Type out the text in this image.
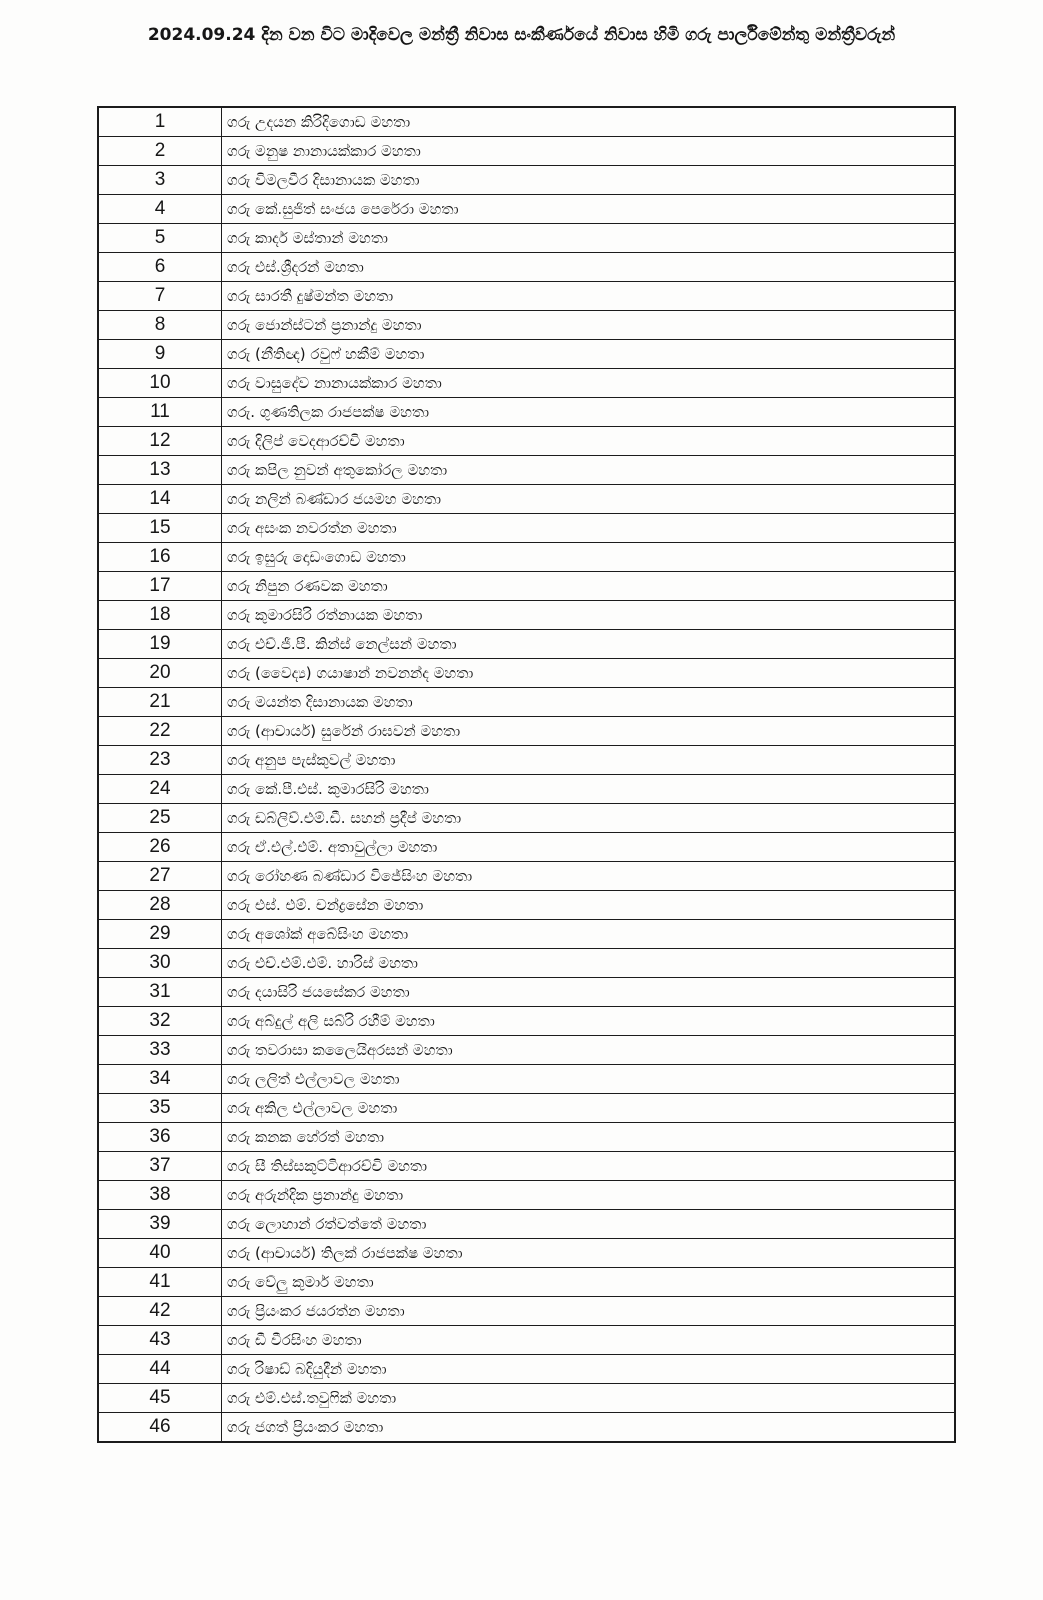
2024.09.24 දින වන විට මාදිවෙල මන්ත්‍රී නිවාස සංකීර්ණයේ නිවාස හිමි ගරු පාර්ලිමේන්තු මන්ත්‍රීවරුන්
1	ගරු උදයන කිරිදිගොඩ මහතා
2	ගරු මනුෂ නානායක්කාර මහතා
3	ගරු විමලවීර දිසානායක මහතා
4	ගරු කේ.සුජිත් සංජය පෙරේරා මහතා
5	ගරු කාදර් මස්තාන් මහතා
6	ගරු එස්.ශ්‍රීදරන් මහතා
7	ගරු සාරතී දුෂ්මන්ත මහතා
8	ගරු ජොන්ස්ටන් ප්‍රනාන්දු මහතා
9	ගරු (නීතිඥ) රවුෆ් හකීම් මහතා
10	ගරු වාසුදේව නානායක්කාර මහතා
11	ගරු. ගුණතිලක රාජපක්ෂ මහතා
12	ගරු දිලිප් වෙදආරච්චි මහතා
13	ගරු කපිල නුවන් අතුකෝරල මහතා
14	ගරු නලින් බණ්ඩාර ජයමහ මහතා
15	ගරු අසංක නවරත්න මහතා
16	ගරු ඉසුරු දොඩංගොඩ මහතා
17	ගරු නිපුන රණවක මහතා
18	ගරු කුමාරසිරි රත්නායක මහතා
19	ගරු එච්.ජී.පී. කින්ස් නෙල්සන් මහතා
20	ගරු (වෛද්‍ය) ගයාෂාන් නවනන්ද මහතා
21	ගරු මයන්ත දිසානායක මහතා
22	ගරු (ආචාර්ය) සුරේන් රාඝවන් මහතා
23	ගරු අනුප පැස්කුවල් මහතා
24	ගරු කේ.පී.එස්. කුමාරසිරි මහතා
25	ගරු ඩබ්ලිව්.එම්.ඩී. සහන් ප්‍රදීප් මහතා
26	ගරු ඒ.එල්.එම්. අතාවුල්ලා මහතා
27	ගරු රෝහණ බණ්ඩාර විජේසිංහ මහතා
28	ගරු එස්. එම්. චන්ද්‍රසේන මහතා
29	ගරු අශෝක් අබේසිංහ මහතා
30	ගරු එච්.එම්.එම්. හාරිස් මහතා
31	ගරු දයාසිරි ජයසේකර මහතා
32	ගරු අබ්දුල් අලි සබ්රි රහීම් මහතා
33	ගරු තවරාසා කලෛයිඅරසන් මහතා
34	ගරු ලලිත් එල්ලාවල මහතා
35	ගරු අකිල එල්ලාවල මහතා
36	ගරු කනක හේරත් මහතා
37	ගරු සී තිස්සකුට්ටිආරච්චි මහතා
38	ගරු අරුන්දික ප්‍රනාන්දු මහතා
39	ගරු ලොහාන් රත්වත්තේ මහතා
40	ගරු (ආචාර්ය) තිලක් රාජපක්ෂ මහතා
41	ගරු වේලු කුමාර් මහතා
42	ගරු ප්‍රියංකර ජයරත්න මහතා
43	ගරු ඩී වීරසිංහ මහතා
44	ගරු රිෂාඩ් බදියුදීන් මහතා
45	ගරු එම්.එස්.තවුෆික් මහතා
46	ගරු ජගත් ප්‍රියංකර මහතා
